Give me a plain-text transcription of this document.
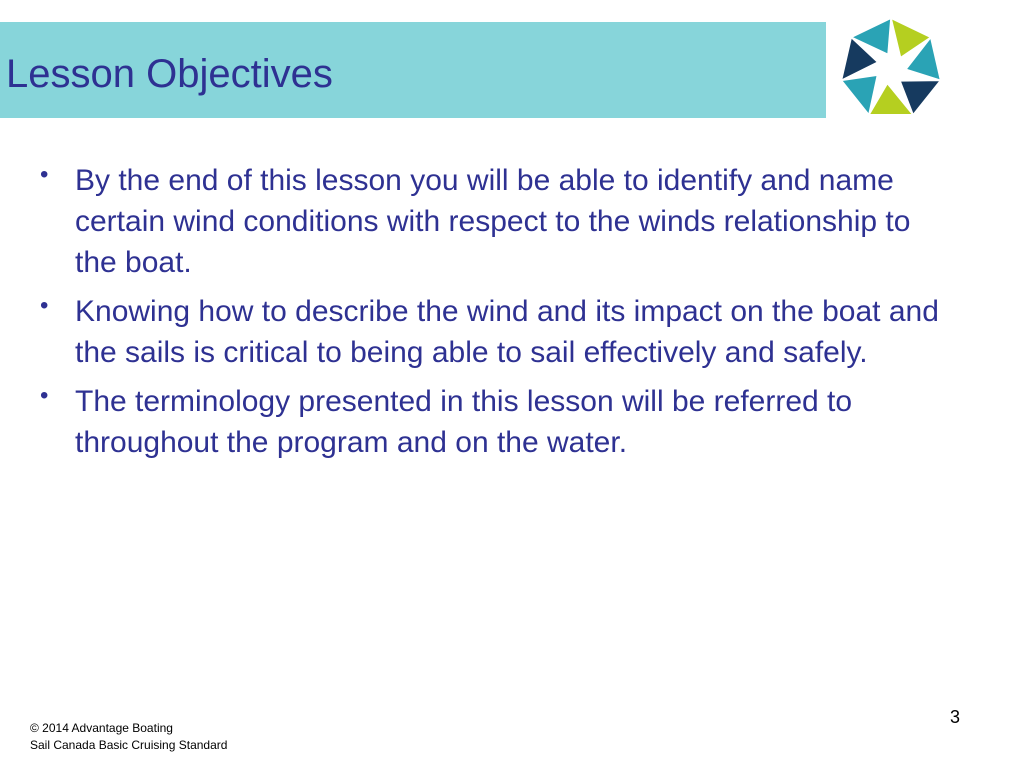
Lesson Objectives
• By the end of this lesson you will be able to identify and name certain wind conditions with respect to the winds relationship to the boat.
• Knowing how to describe the wind and its impact on the boat and the sails is critical to being able to sail effectively and safely.
• The terminology presented in this lesson will be referred to throughout the program and on the water.
© 2014 Advantage Boating
Sail Canada Basic Cruising Standard
3
